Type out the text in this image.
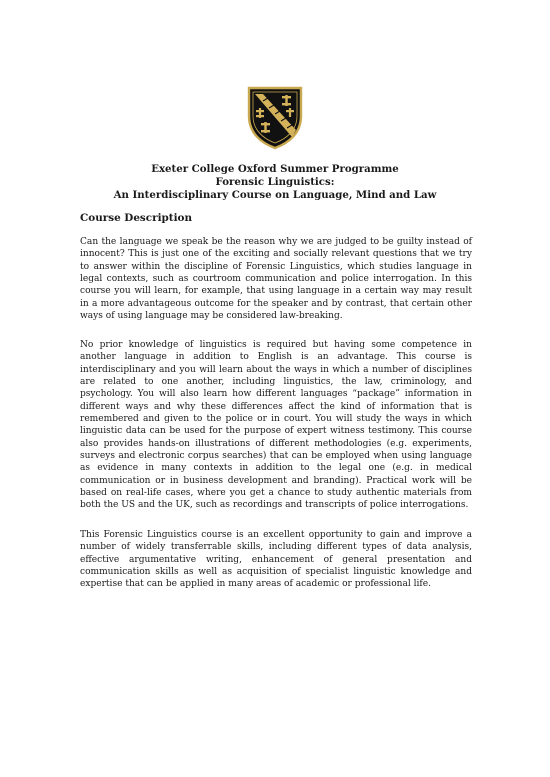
Exeter College Oxford Summer Programme
Forensic Linguistics:
An Interdisciplinary Course on Language, Mind and Law
Course Description

Can the language we speak be the reason why we are judged to be guilty instead of innocent? This is just one of the exciting and socially relevant questions that we try to answer within the discipline of Forensic Linguistics, which studies language in legal contexts, such as courtroom communication and police interrogation. In this course you will learn, for example, that using language in a certain way may result in a more advantageous outcome for the speaker and by contrast, that certain other ways of using language may be considered law-breaking.

No prior knowledge of linguistics is required but having some competence in another language in addition to English is an advantage. This course is interdisciplinary and you will learn about the ways in which a number of disciplines are related to one another, including linguistics, the law, criminology, and psychology. You will also learn how different languages “package” information in different ways and why these differences affect the kind of information that is remembered and given to the police or in court. You will study the ways in which linguistic data can be used for the purpose of expert witness testimony. This course also provides hands-on illustrations of different methodologies (e.g. experiments, surveys and electronic corpus searches) that can be employed when using language as evidence in many contexts in addition to the legal one (e.g. in medical communication or in business development and branding). Practical work will be based on real-life cases, where you get a chance to study authentic materials from both the US and the UK, such as recordings and transcripts of police interrogations.

This Forensic Linguistics course is an excellent opportunity to gain and improve a number of widely transferrable skills, including different types of data analysis, effective argumentative writing, enhancement of general presentation and communication skills as well as acquisition of specialist linguistic knowledge and expertise that can be applied in many areas of academic or professional life.
